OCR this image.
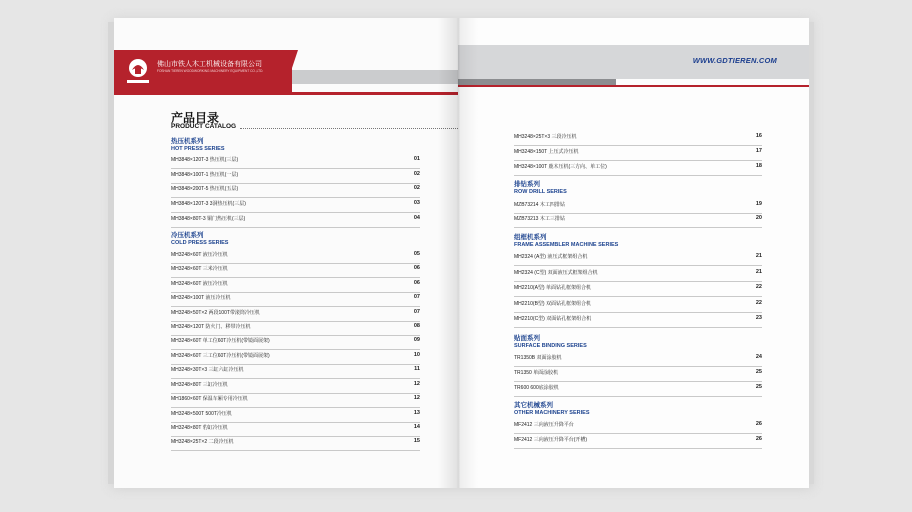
佛山市铁人木工机械设备有限公司
FOSHAN TIEREN WOODWORKING MACHINERY EQUIPMENT CO.,LTD.
产品目录
PRODUCT CATALOG
热压机系列
HOT PRESS SERIES
MH3848×120T-3 热压机(三层)	01
MH3848×100T-1 热压机(一层)	02
MH3848×200T-5 热压机(五层)	02
MH3848×120T-3 3洞热压机(三层)	03
MH3848×80T-3 铜门热压机(三层)	04
冷压机系列
COLD PRESS SERIES
MH3248×60T 液压冷压机	05
MH3248×60T 三米冷压机	06
MH3248×60T 液压冷压机	06
MH3248×100T 液压冷压机	07
MH3248×50T×2 两段100T带滚筒冷压机	07
MH3248×120T 防火门、移带冷压机	08
MH3248×60T 单工位60T冷压机(带镜面展架)	09
MH3248×60T 三工位60T冷压机(带镜面展架)	10
MH3248×30T×3 三缸六缸冷压机	11
MH3248×80T 三缸冷压机	12
MH1860×60T 保温车厢专用冷压机	12
MH3248×500T 500T冷压机	13
MH3248×80T 豹缸冷压机	14
MH3248×25T×2 二段冷压机	15
WWW.GDTIEREN.COM
MH3248×25T×3 三段冷压机	16
MH3248×150T 上压式冷压机	17
MH3248×100T 鹿木压机(三方向、单工位)	18
排钻系列
ROW DRILL SERIES
MZB73214 木工四排钻	19
MZB73213 木工三排钻	20
组框机系列
FRAME ASSEMBLER MACHINE SERIES
MH2324 (A型) 液压式框架组合机	21
MH2324 (C型) 双面液压式框架组合机	21
MH2210(A型) 单面钻孔框架组合机	22
MH2210(B型) 双面钻孔框架组合机	22
MH2210(C型) 双面钻孔框架组合机	23
贴面系列
SURFACE BINDING SERIES
TR1350B 双面涂胶机	24
TR1350 单面涂胶机	25
TR600 600底涂胶机	25
其它机械系列
OTHER MACHINERY SERIES
MF2412 三向液压升降平台	26
MF2412 三向液压升降平台(开槽)	26
